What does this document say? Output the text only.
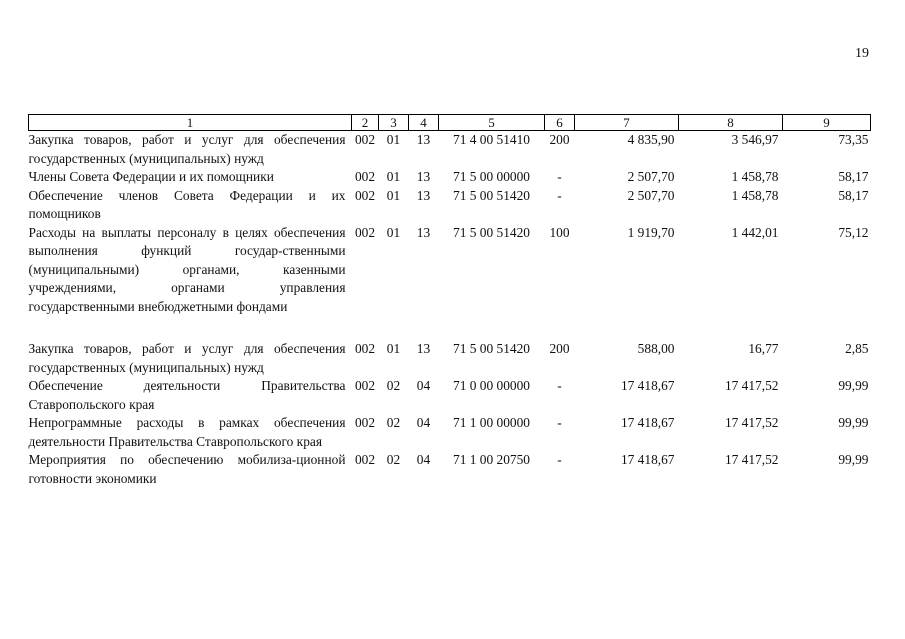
19
1	2	3	4	5	6	7	8	9
Закупка товаров, работ и услуг для обеспечения государственных (муниципальных) нужд	002	01	13	71 4 00 51410	200	4 835,90	3 546,97	73,35
Члены Совета Федерации и их помощники	002	01	13	71 5 00 00000	-	2 507,70	1 458,78	58,17
Обеспечение членов Совета Федерации и их помощников	002	01	13	71 5 00 51420	-	2 507,70	1 458,78	58,17
Расходы на выплаты персоналу в целях обеспечения выполнения функций государ-ственными (муниципальными) органами, казенными учреждениями, органами управления государственными внебюджетными фондами	002	01	13	71 5 00 51420	100	1 919,70	1 442,01	75,12

Закупка товаров, работ и услуг для обеспечения государственных (муниципальных) нужд	002	01	13	71 5 00 51420	200	588,00	16,77	2,85
Обеспечение деятельности Правительства Ставропольского края	002	02	04	71 0 00 00000	-	17 418,67	17 417,52	99,99
Непрограммные расходы в рамках обеспечения деятельности Правительства Ставропольского края	002	02	04	71 1 00 00000	-	17 418,67	17 417,52	99,99
Мероприятия по обеспечению мобилиза-ционной готовности экономики	002	02	04	71 1 00 20750	-	17 418,67	17 417,52	99,99
